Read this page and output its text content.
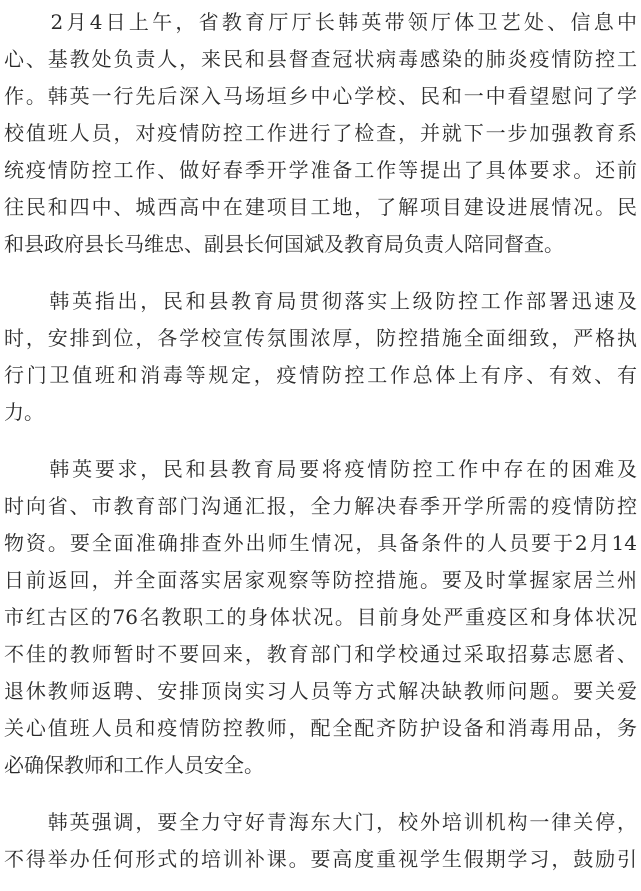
　　2月4日上午，省教育厅厅长韩英带领厅体卫艺处、信息中
心、基教处负责人，来民和县督查冠状病毒感染的肺炎疫情防控工
作。韩英一行先后深入马场垣乡中心学校、民和一中看望慰问了学
校值班人员，对疫情防控工作进行了检查，并就下一步加强教育系
统疫情防控工作、做好春季开学准备工作等提出了具体要求。还前
往民和四中、城西高中在建项目工地，了解项目建设进展情况。民
和县政府县长马维忠、副县长何国斌及教育局负责人陪同督查。
　　韩英指出，民和县教育局贯彻落实上级防控工作部署迅速及
时，安排到位，各学校宣传氛围浓厚，防控措施全面细致，严格执
行门卫值班和消毒等规定，疫情防控工作总体上有序、有效、有
力。
　　韩英要求，民和县教育局要将疫情防控工作中存在的困难及
时向省、市教育部门沟通汇报，全力解决春季开学所需的疫情防控
物资。要全面准确排查外出师生情况，具备条件的人员要于2月14
日前返回，并全面落实居家观察等防控措施。要及时掌握家居兰州
市红古区的76名教职工的身体状况。目前身处严重疫区和身体状况
不佳的教师暂时不要回来，教育部门和学校通过采取招募志愿者、
退休教师返聘、安排顶岗实习人员等方式解决缺教师问题。要关爱
关心值班人员和疫情防控教师，配全配齐防护设备和消毒用品，务
必确保教师和工作人员安全。
　　韩英强调，要全力守好青海东大门，校外培训机构一律关停，
不得举办任何形式的培训补课。要高度重视学生假期学习，鼓励引
